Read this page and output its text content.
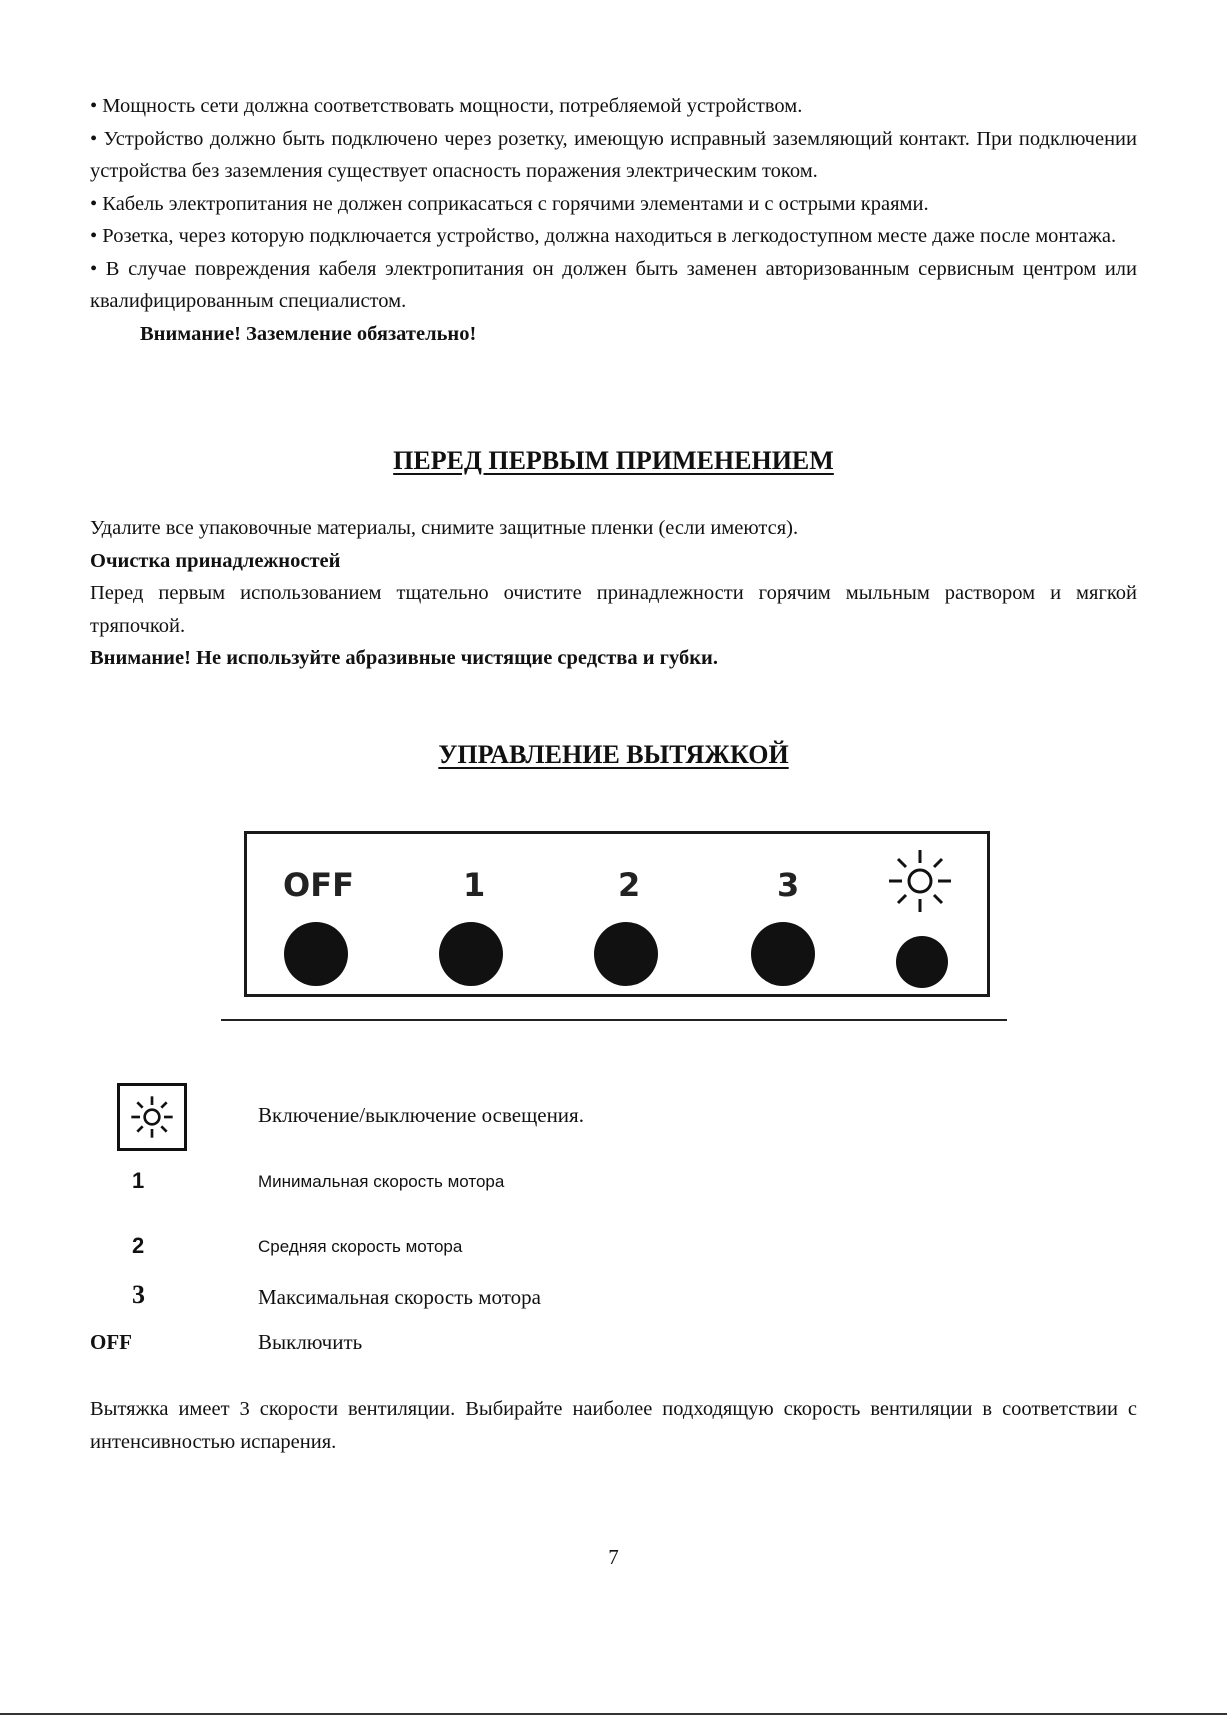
• Мощность сети должна соответствовать мощности, потребляемой устройством.

• Устройство должно быть подключено через розетку, имеющую исправный заземляющий контакт. При подключении устройства без заземления существует опасность поражения электрическим током.

• Кабель электропитания не должен соприкасаться с горячими элементами и с острыми краями.

• Розетка, через которую подключается устройство, должна находиться в легкодоступном месте даже после монтажа.

• В случае повреждения кабеля электропитания он должен быть заменен авторизованным сервисным центром или квалифицированным специалистом.

Внимание! Заземление обязательно!

ПЕРЕД ПЕРВЫМ ПРИМЕНЕНИЕМ

Удалите все упаковочные материалы, снимите защитные пленки (если имеются).

Очистка принадлежностей

Перед первым использованием тщательно очистите принадлежности горячим мыльным раствором и мягкой тряпочкой.

Внимание! Не используйте абразивные чистящие средства и губки.

УПРАВЛЕНИЕ ВЫТЯЖКОЙ
OFF	1	2	3
Включение/выключение освещения.
1	Минимальная скорость мотора
2	Средняя скорость мотора
3	Максимальная скорость мотора
OFF	Выключить

Вытяжка имеет 3 скорости вентиляции. Выбирайте наиболее подходящую скорость вентиляции в соответствии с интенсивностью испарения.

7
